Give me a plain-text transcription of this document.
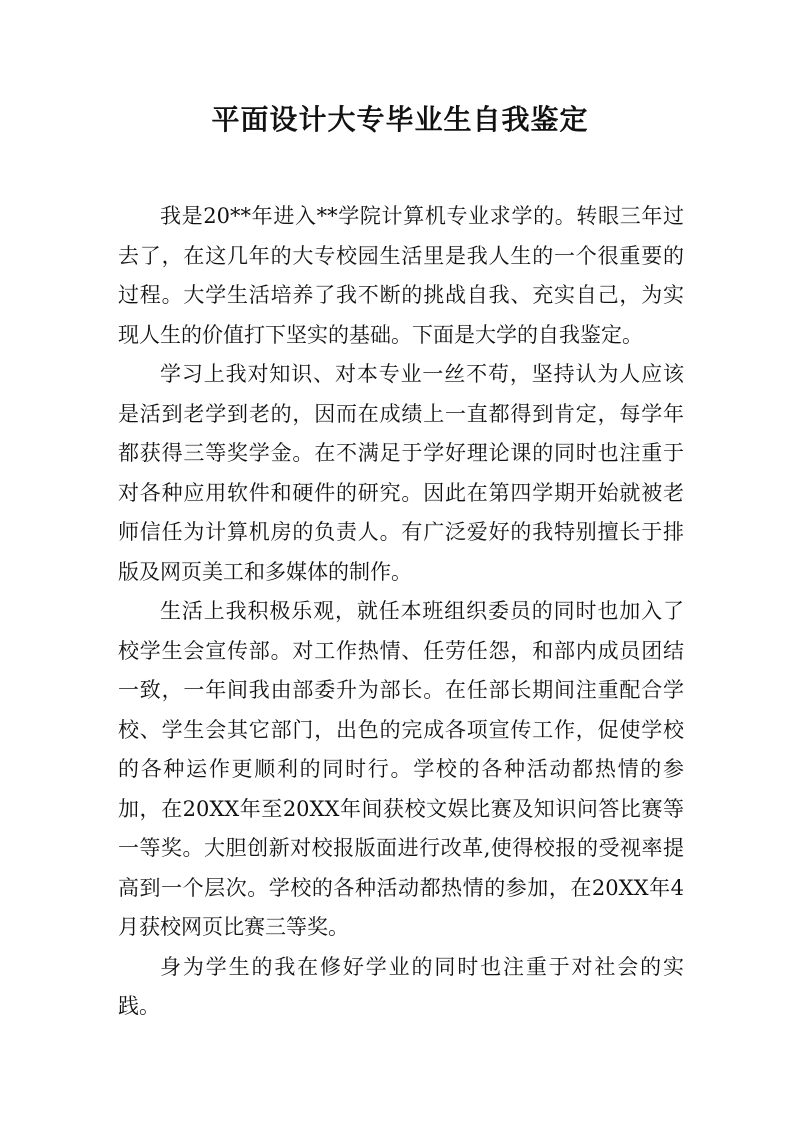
平面设计大专毕业生自我鉴定

我是20**年进入**学院计算机专业求学的。转眼三年过去了，在这几年的大专校园生活里是我人生的一个很重要的过程。大学生活培养了我不断的挑战自我、充实自己，为实现人生的价值打下坚实的基础。下面是大学的自我鉴定。

学习上我对知识、对本专业一丝不苟，坚持认为人应该是活到老学到老的，因而在成绩上一直都得到肯定，每学年都获得三等奖学金。在不满足于学好理论课的同时也注重于对各种应用软件和硬件的研究。因此在第四学期开始就被老师信任为计算机房的负责人。有广泛爱好的我特别擅长于排版及网页美工和多媒体的制作。

生活上我积极乐观，就任本班组织委员的同时也加入了校学生会宣传部。对工作热情、任劳任怨，和部内成员团结一致，一年间我由部委升为部长。在任部长期间注重配合学校、学生会其它部门，出色的完成各项宣传工作，促使学校的各种运作更顺利的同时行。学校的各种活动都热情的参加，在20XX年至20XX年间获校文娱比赛及知识问答比赛等一等奖。大胆创新对校报版面进行改革,使得校报的受视率提高到一个层次。学校的各种活动都热情的参加，在20XX年4月获校网页比赛三等奖。

身为学生的我在修好学业的同时也注重于对社会的实践。
